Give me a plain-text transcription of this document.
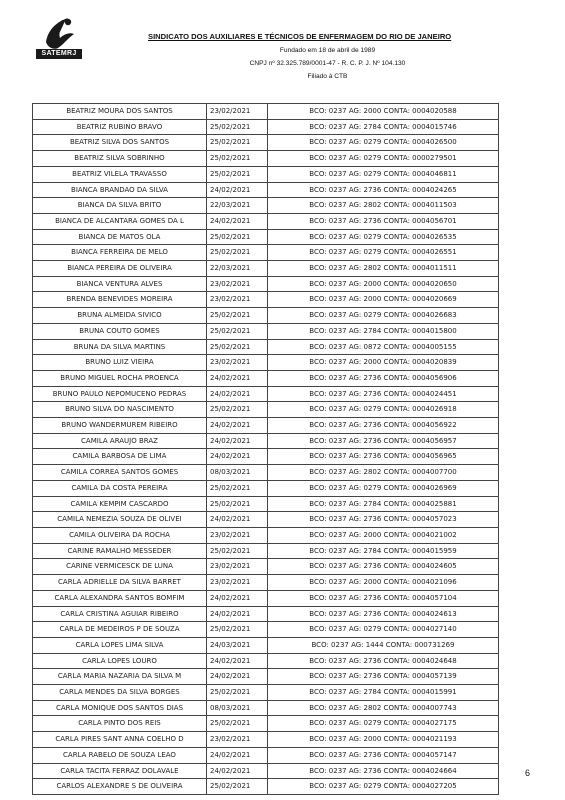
SATEMRJ
SINDICATO DOS AUXILIARES E TÉCNICOS DE ENFERMAGEM DO RIO DE JANEIRO
Fundado em 18 de abril de 1989
CNPJ nº 32.325.789/0001-47 - R. C. P. J. Nº 104.130
Filiado à CTB
BEATRIZ MOURA DOS SANTOS	23/02/2021	BCO: 0237 AG: 2000 CONTA: 0004020588
BEATRIZ RUBINO BRAVO	25/02/2021	BCO: 0237 AG: 2784 CONTA: 0004015746
BEATRIZ SILVA DOS SANTOS	25/02/2021	BCO: 0237 AG: 0279 CONTA: 0004026500
BEATRIZ SILVA SOBRINHO	25/02/2021	BCO: 0237 AG: 0279 CONTA: 0000279501
BEATRIZ VILELA TRAVASSO	25/02/2021	BCO: 0237 AG: 0279 CONTA: 0004046811
BIANCA BRANDAO DA SILVA	24/02/2021	BCO: 0237 AG: 2736 CONTA: 0004024265
BIANCA DA SILVA BRITO	22/03/2021	BCO: 0237 AG: 2802 CONTA: 0004011503
BIANCA DE ALCANTARA GOMES DA L	24/02/2021	BCO: 0237 AG: 2736 CONTA: 0004056701
BIANCA DE MATOS OLA	25/02/2021	BCO: 0237 AG: 0279 CONTA: 0004026535
BIANCA FERREIRA DE MELO	25/02/2021	BCO: 0237 AG: 0279 CONTA: 0004026551
BIANCA PEREIRA DE OLIVEIRA	22/03/2021	BCO: 0237 AG: 2802 CONTA: 0004011511
BIANCA VENTURA ALVES	23/02/2021	BCO: 0237 AG: 2000 CONTA: 0004020650
BRENDA BENEVIDES MOREIRA	23/02/2021	BCO: 0237 AG: 2000 CONTA: 0004020669
BRUNA ALMEIDA SIVICO	25/02/2021	BCO: 0237 AG: 0279 CONTA: 0004026683
BRUNA COUTO GOMES	25/02/2021	BCO: 0237 AG: 2784 CONTA: 0004015800
BRUNA DA SILVA MARTINS	25/02/2021	BCO: 0237 AG: 0872 CONTA: 0004005155
BRUNO LUIZ VIEIRA	23/02/2021	BCO: 0237 AG: 2000 CONTA: 0004020839
BRUNO MIGUEL ROCHA PROENCA	24/02/2021	BCO: 0237 AG: 2736 CONTA: 0004056906
BRUNO PAULO NEPOMUCENO PEDRAS	24/02/2021	BCO: 0237 AG: 2736 CONTA: 0004024451
BRUNO SILVA DO NASCIMENTO	25/02/2021	BCO: 0237 AG: 0279 CONTA: 0004026918
BRUNO WANDERMUREM RIBEIRO	24/02/2021	BCO: 0237 AG: 2736 CONTA: 0004056922
CAMILA ARAUJO BRAZ	24/02/2021	BCO: 0237 AG: 2736 CONTA: 0004056957
CAMILA BARBOSA DE LIMA	24/02/2021	BCO: 0237 AG: 2736 CONTA: 0004056965
CAMILA CORREA SANTOS GOMES	08/03/2021	BCO: 0237 AG: 2802 CONTA: 0004007700
CAMILA DA COSTA PEREIRA	25/02/2021	BCO: 0237 AG: 0279 CONTA: 0004026969
CAMILA KEMPIM CASCARDO	25/02/2021	BCO: 0237 AG: 2784 CONTA: 0004025881
CAMILA NEMEZIA SOUZA DE OLIVEI	24/02/2021	BCO: 0237 AG: 2736 CONTA: 0004057023
CAMILA OLIVEIRA DA ROCHA	23/02/2021	BCO: 0237 AG: 2000 CONTA: 0004021002
CARINE RAMALHO MESSEDER	25/02/2021	BCO: 0237 AG: 2784 CONTA: 0004015959
CARINE VERMICESCK DE LUNA	23/02/2021	BCO: 0237 AG: 2736 CONTA: 0004024605
CARLA ADRIELLE DA SILVA BARRET	23/02/2021	BCO: 0237 AG: 2000 CONTA: 0004021096
CARLA ALEXANDRA SANTOS BOMFIM	24/02/2021	BCO: 0237 AG: 2736 CONTA: 0004057104
CARLA CRISTINA AGUIAR RIBEIRO	24/02/2021	BCO: 0237 AG: 2736 CONTA: 0004024613
CARLA DE MEDEIROS P DE SOUZA	25/02/2021	BCO: 0237 AG: 0279 CONTA: 0004027140
CARLA LOPES LIMA SILVA	24/03/2021	BCO: 0237 AG: 1444 CONTA: 000731269
CARLA LOPES LOURO	24/02/2021	BCO: 0237 AG: 2736 CONTA: 0004024648
CARLA MARIA NAZARIA DA SILVA M	24/02/2021	BCO: 0237 AG: 2736 CONTA: 0004057139
CARLA MENDES DA SILVA BORGES	25/02/2021	BCO: 0237 AG: 2784 CONTA: 0004015991
CARLA MONIQUE DOS SANTOS DIAS	08/03/2021	BCO: 0237 AG: 2802 CONTA: 0004007743
CARLA PINTO DOS REIS	25/02/2021	BCO: 0237 AG: 0279 CONTA: 0004027175
CARLA PIRES SANT ANNA COELHO D	23/02/2021	BCO: 0237 AG: 2000 CONTA: 0004021193
CARLA RABELO DE SOUZA LEAO	24/02/2021	BCO: 0237 AG: 2736 CONTA: 0004057147
CARLA TACITA FERRAZ DOLAVALE	24/02/2021	BCO: 0237 AG: 2736 CONTA: 0004024664
CARLOS ALEXANDRE S DE OLIVEIRA	25/02/2021	BCO: 0237 AG: 0279 CONTA: 0004027205
6
